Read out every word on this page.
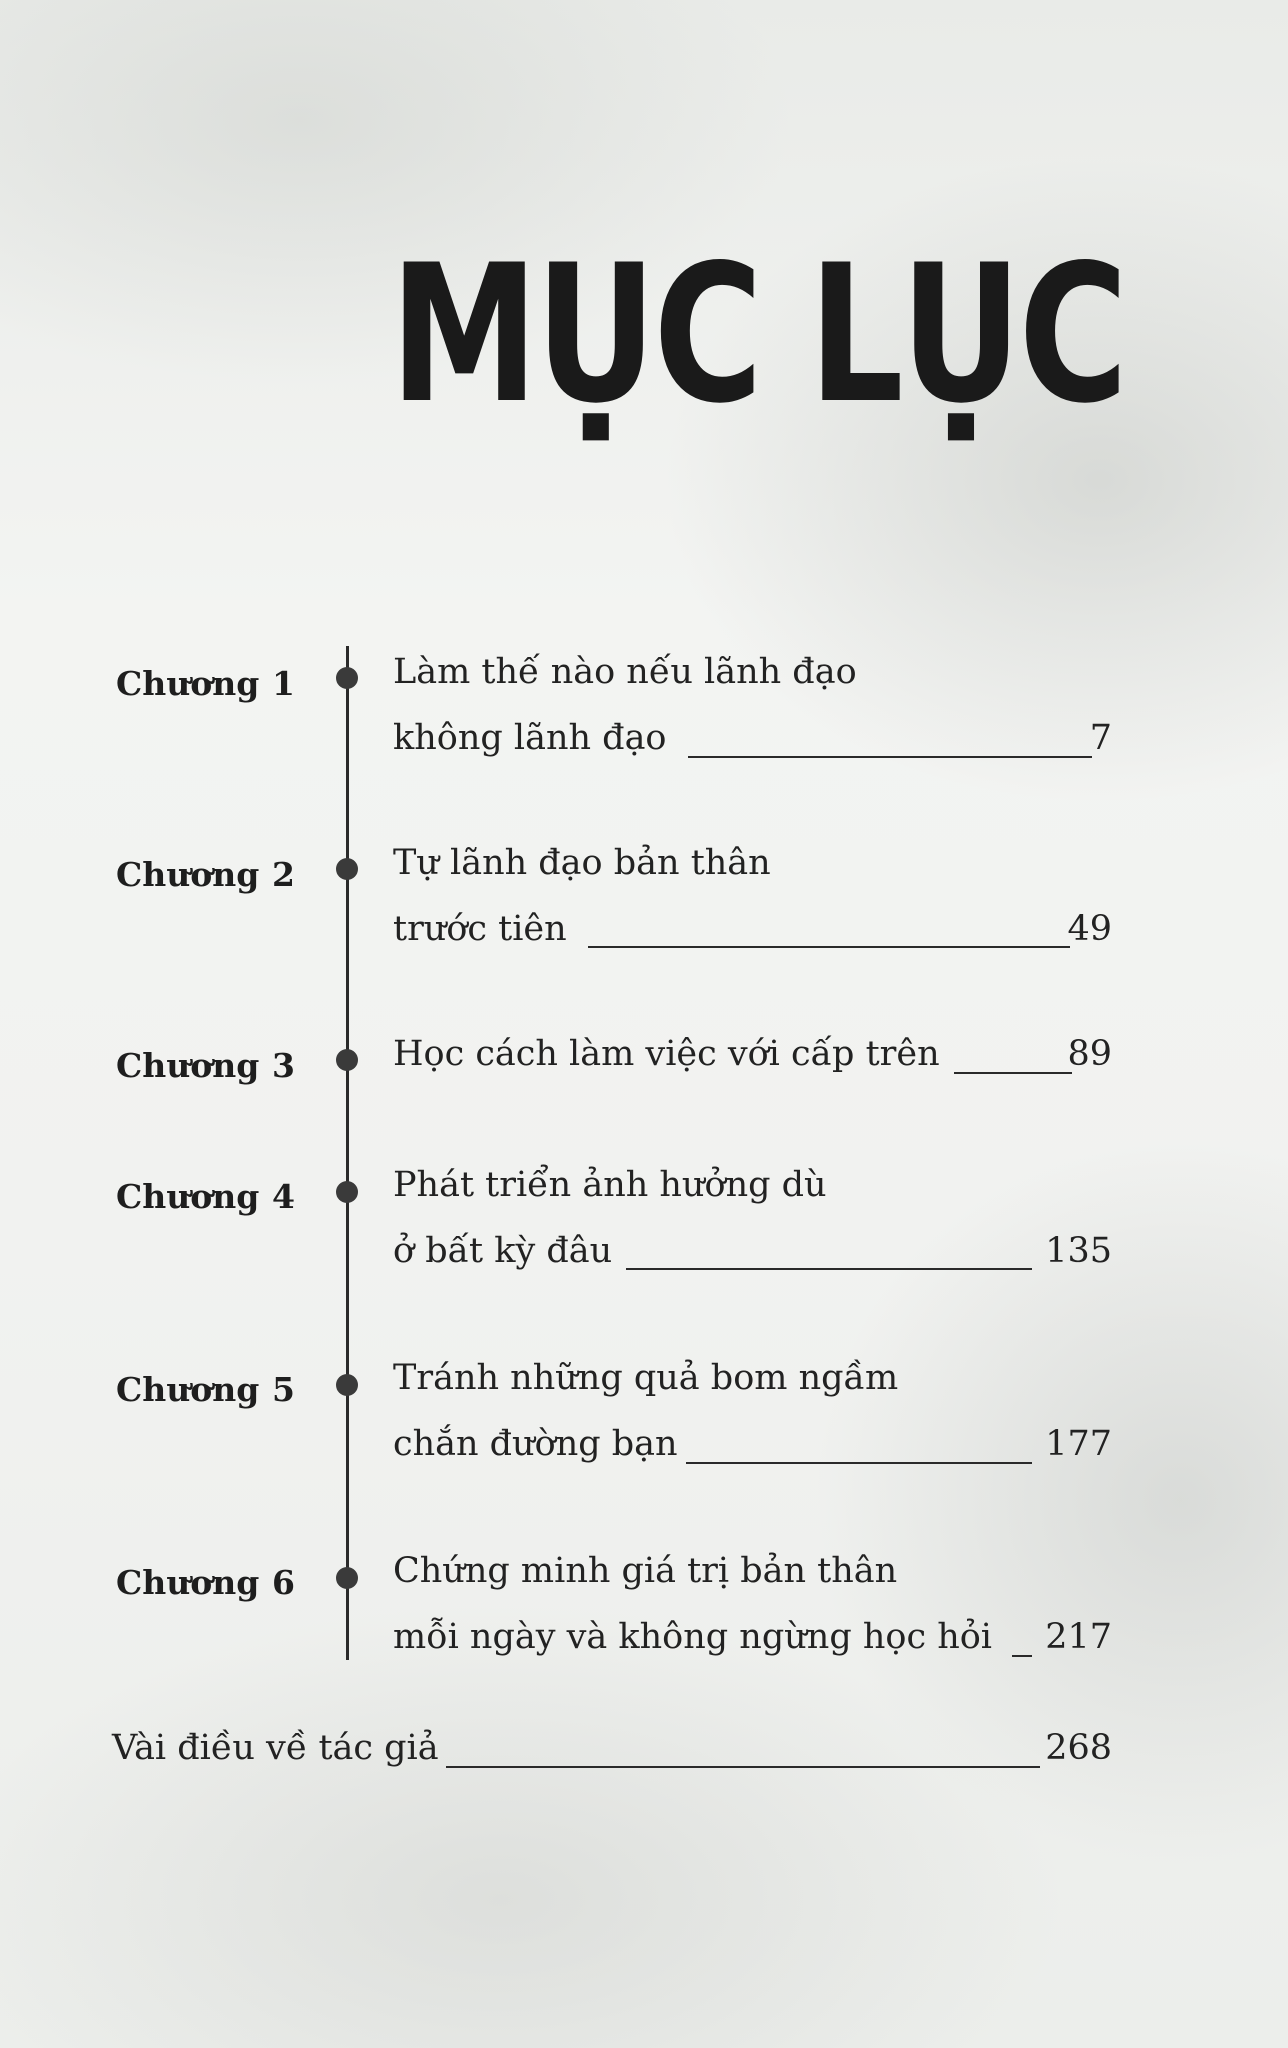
MỤC LỤC
Chương 1	Làm thế nào nếu lãnh đạo
không lãnh đạo	7
Chương 2	Tự lãnh đạo bản thân
trước tiên	49
Chương 3	Học cách làm việc với cấp trên	89
Chương 4	Phát triển ảnh hưởng dù
ở bất kỳ đâu	135
Chương 5	Tránh những quả bom ngầm
chắn đường bạn	177
Chương 6	Chứng minh giá trị bản thân
mỗi ngày và không ngừng học hỏi	217
Vài điều về tác giả	268
